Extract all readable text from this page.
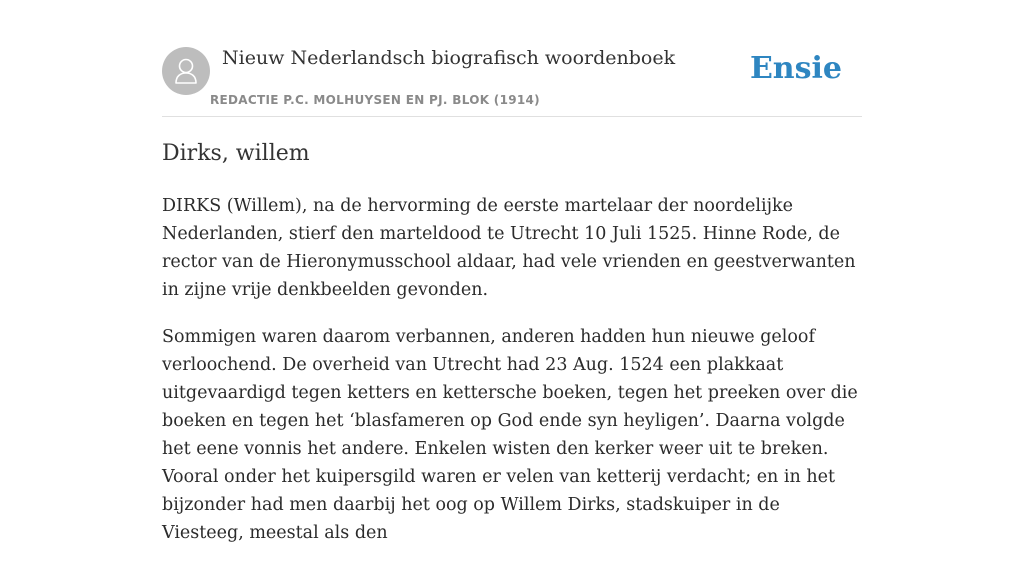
Nieuw Nederlandsch biografisch woordenboek
REDACTIE P.C. MOLHUYSEN EN PJ. BLOK (1914)
Ensie
Dirks, willem

DIRKS (Willem), na de hervorming de eerste martelaar der noordelijke Nederlanden, stierf den marteldood te Utrecht 10 Juli 1525. Hinne Rode, de rector van de Hieronymusschool aldaar, had vele vrienden en geestverwanten in zijne vrije denkbeelden gevonden.

Sommigen waren daarom verbannen, anderen hadden hun nieuwe geloof verloochend. De overheid van Utrecht had 23 Aug. 1524 een plakkaat uitgevaardigd tegen ketters en kettersche boeken, tegen het preeken over die boeken en tegen het ‘blasfameren op God ende syn heyligen’. Daarna volgde het eene vonnis het andere. Enkelen wisten den kerker weer uit te breken. Vooral onder het kuipersgild waren er velen van ketterij verdacht; en in het bijzonder had men daarbij het oog op Willem Dirks, stadskuiper in de Viesteeg, meestal als den
